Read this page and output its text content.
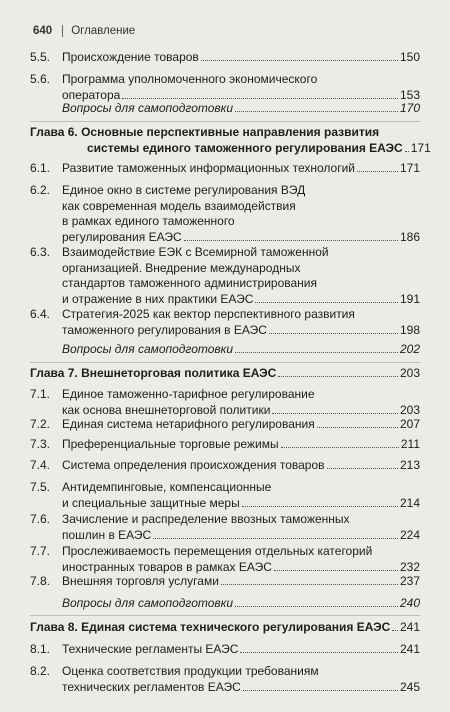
640 Оглавление
5.5. Происхождение товаров	150
5.6. Программа уполномоченного экономического
оператора	153
Вопросы для самоподготовки	170
Глава 6. Основные перспективные направления развития
системы единого таможенного регулирования ЕАЭС 171
6.1. Развитие таможенных информационных технологий	171
6.2. Единое окно в системе регулирования ВЭД
как современная модель взаимодействия
в рамках единого таможенного
регулирования ЕАЭС	186
6.3. Взаимодействие ЕЭК с Всемирной таможенной
организацией. Внедрение международных
стандартов таможенного администрирования
и отражение в них практики ЕАЭС	191
6.4. Стратегия-2025 как вектор перспективного развития
таможенного регулирования в ЕАЭС	198
Вопросы для самоподготовки	202
Глава 7. Внешнеторговая политика ЕАЭС	203
7.1. Единое таможенно-тарифное регулирование
как основа внешнеторговой политики	203
7.2. Единая система нетарифного регулирования	207
7.3. Преференциальные торговые режимы	211
7.4. Система определения происхождения товаров	213
7.5. Антидемпинговые, компенсационные
и специальные защитные меры	214
7.6. Зачисление и распределение ввозных таможенных
пошлин в ЕАЭС	224
7.7. Прослеживаемость перемещения отдельных категорий
иностранных товаров в рамках ЕАЭС	232
7.8. Внешняя торговля услугами	237
Вопросы для самоподготовки	240
Глава 8. Единая система технического регулирования ЕАЭС 241
8.1. Технические регламенты ЕАЭС	241
8.2. Оценка соответствия продукции требованиям
технических регламентов ЕАЭС	245
